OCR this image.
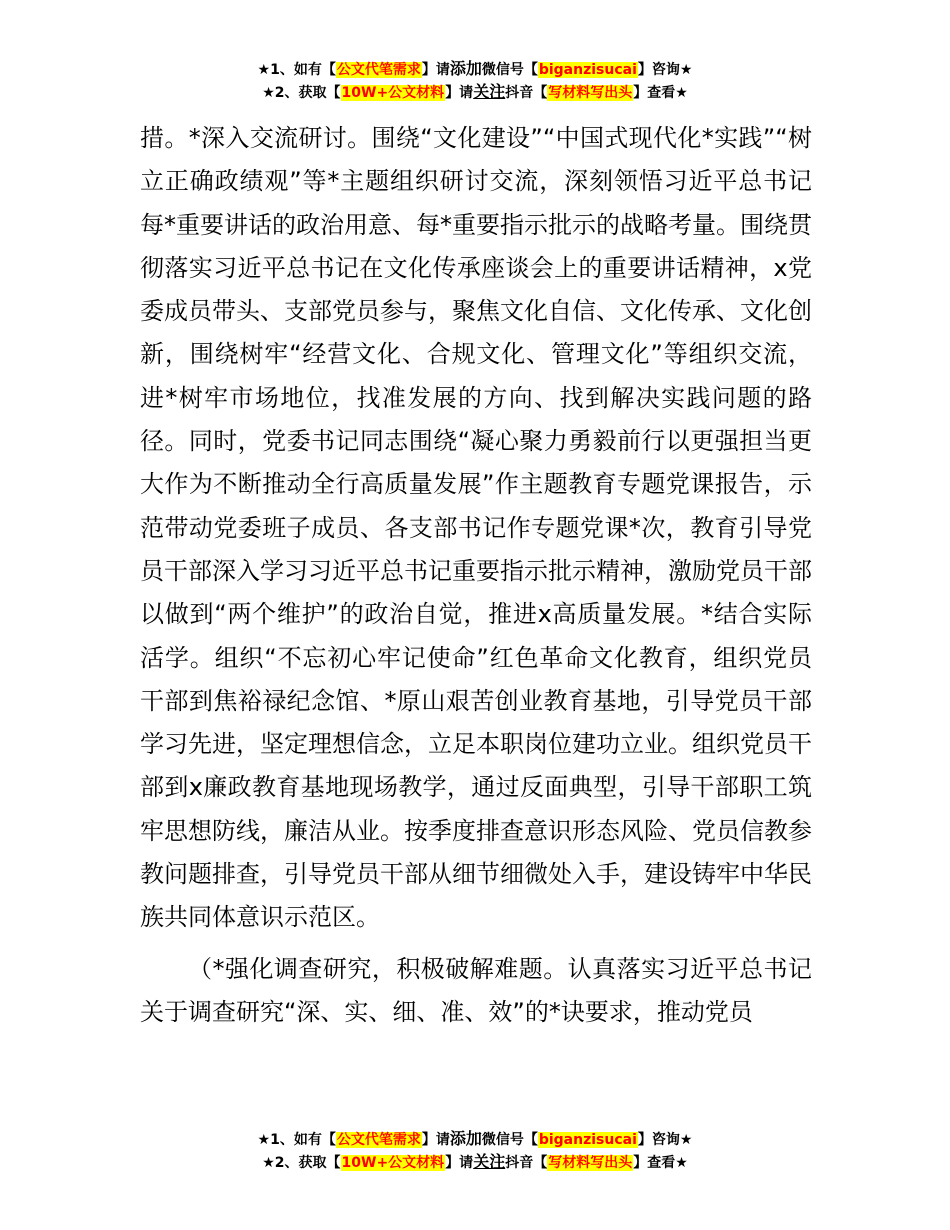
★1、如有【公文代笔需求】请添加微信号【biganzisucai】咨询★
★2、获取【10W+公文材料】请关注抖音【写材料写出头】查看★

措。*深入交流研讨。围绕“文化建设”“中国式现代化*实践”“树立正确政绩观”等*主题组织研讨交流，深刻领悟习近平总书记每*重要讲话的政治用意、每*重要指示批示的战略考量。围绕贯彻落实习近平总书记在文化传承座谈会上的重要讲话精神，x党委成员带头、支部党员参与，聚焦文化自信、文化传承、文化创新，围绕树牢“经营文化、合规文化、管理文化”等组织交流，进*树牢市场地位，找准发展的方向、找到解决实践问题的路径。同时，党委书记同志围绕“凝心聚力勇毅前行以更强担当更大作为不断推动全行高质量发展”作主题教育专题党课报告，示范带动党委班子成员、各支部书记作专题党课*次，教育引导党员干部深入学习习近平总书记重要指示批示精神，激励党员干部以做到“两个维护”的政治自觉，推进x高质量发展。*结合实际活学。组织“不忘初心牢记使命”红色革命文化教育，组织党员干部到焦裕禄纪念馆、*原山艰苦创业教育基地，引导党员干部学习先进，坚定理想信念，立足本职岗位建功立业。组织党员干部到x廉政教育基地现场教学，通过反面典型，引导干部职工筑牢思想防线，廉洁从业。按季度排查意识形态风险、党员信教参教问题排查，引导党员干部从细节细微处入手，建设铸牢中华民族共同体意识示范区。

（*强化调查研究，积极破解难题。认真落实习近平总书记关于调查研究“深、实、细、准、效”的*诀要求，推动党员

★1、如有【公文代笔需求】请添加微信号【biganzisucai】咨询★
★2、获取【10W+公文材料】请关注抖音【写材料写出头】查看★
